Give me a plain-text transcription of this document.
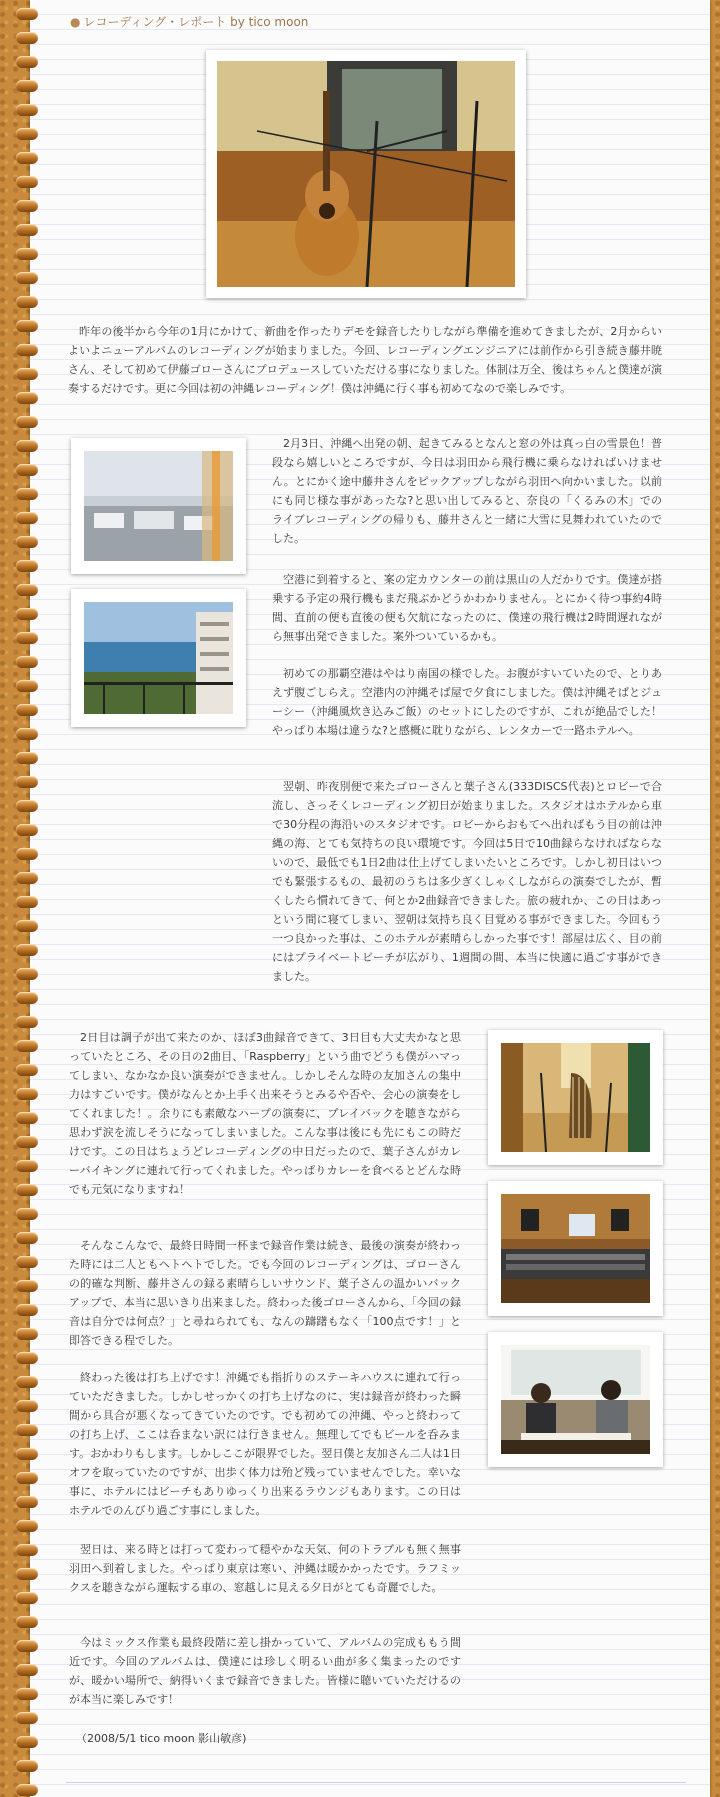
● レコーディング・レポート by tico moon
昨年の後半から今年の1月にかけて、新曲を作ったりデモを録音したりしながら準備を進めてきましたが、2月からいよいよニューアルバムのレコーディングが始まりました。今回、レコーディングエンジニアには前作から引き続き藤井暁さん、そして初めて伊藤ゴローさんにプロデュースしていただける事になりました。体制は万全、後はちゃんと僕達が演奏するだけです。更に今回は初の沖縄レコーディング！僕は沖縄に行く事も初めてなので楽しみです。
2月3日、沖縄へ出発の朝、起きてみるとなんと窓の外は真っ白の雪景色！普段なら嬉しいところですが、今日は羽田から飛行機に乗らなければいけません。とにかく途中藤井さんをピックアップしながら羽田へ向かいました。以前にも同じ様な事があったな?と思い出してみると、奈良の「くるみの木」でのライブレコーディングの帰りも、藤井さんと一緒に大雪に見舞われていたのでした。
空港に到着すると、案の定カウンターの前は黒山の人だかりです。僕達が搭乗する予定の飛行機もまだ飛ぶかどうかわかりません。とにかく待つ事約4時間、直前の便も直後の便も欠航になったのに、僕達の飛行機は2時間遅れながら無事出発できました。案外ついているかも。
初めての那覇空港はやはり南国の様でした。お腹がすいていたので、とりあえず腹ごしらえ。空港内の沖縄そば屋で夕食にしました。僕は沖縄そばとジューシー（沖縄風炊き込みご飯）のセットにしたのですが、これが絶品でした！やっぱり本場は違うな?と感概に耽りながら、レンタカーで一路ホテルへ。
翌朝、昨夜別便で来たゴローさんと葉子さん(333DISCS代表)とロビーで合流し、さっそくレコーディング初日が始まりました。スタジオはホテルから車で30分程の海沿いのスタジオです。ロビーからおもてへ出ればもう目の前は沖縄の海、とても気持ちの良い環境です。今回は5日で10曲録らなければならないので、最低でも1日2曲は仕上げてしまいたいところです。しかし初日はいつでも緊張するもの、最初のうちは多少ぎくしゃくしながらの演奏でしたが、暫くしたら慣れてきて、何とか2曲録音できました。旅の疲れか、この日はあっという間に寝てしまい、翌朝は気持ち良く目覚める事ができました。今回もう一つ良かった事は、このホテルが素晴らしかった事です！部屋は広く、目の前にはプライベートビーチが広がり、1週間の間、本当に快適に過ごす事ができました。
2日目は調子が出て来たのか、ほぼ3曲録音できて、3日目も大丈夫かなと思っていたところ、その日の2曲目、「Raspberry」という曲でどうも僕がハマってしまい、なかなか良い演奏ができません。しかしそんな時の友加さんの集中力はすごいです。僕がなんとか上手く出来そうとみるや否や、会心の演奏をしてくれました！。余りにも素敵なハープの演奏に、プレイバックを聴きながら思わず涙を流しそうになってしまいました。こんな事は後にも先にもこの時だけです。この日はちょうどレコーディングの中日だったので、葉子さんがカレーバイキングに連れて行ってくれました。やっぱりカレーを食べるとどんな時でも元気になりますね！
そんなこんなで、最終日時間一杯まで録音作業は続き、最後の演奏が終わった時には二人ともヘトヘトでした。でも今回のレコーディングは、ゴローさんの的確な判断、藤井さんの録る素晴らしいサウンド、葉子さんの温かいバックアップで、本当に思いきり出来ました。終わった後ゴローさんから、「今回の録音は自分では何点？」と尋ねられても、なんの躊躇もなく「100点です！」と即答できる程でした。
終わった後は打ち上げです！沖縄でも指折りのステーキハウスに連れて行っていただきました。しかしせっかくの打ち上げなのに、実は録音が終わった瞬間から具合が悪くなってきていたのです。でも初めての沖縄、やっと終わっての打ち上げ、ここは呑まない訳には行きません。無理してでもビールを呑みます。おかわりもします。しかしここが限界でした。翌日僕と友加さん二人は1日オフを取っていたのですが、出歩く体力は殆ど残っていませんでした。幸いな事に、ホテルにはビーチもありゆっくり出来るラウンジもあります。この日はホテルでのんびり過ごす事にしました。
翌日は、来る時とは打って変わって穏やかな天気、何のトラブルも無く無事羽田へ到着しました。やっぱり東京は寒い、沖縄は暖かかったです。ラフミックスを聴きながら運転する車の、窓越しに見える夕日がとても奇麗でした。
今はミックス作業も最終段階に差し掛かっていて、アルバムの完成ももう間近です。今回のアルバムは、僕達には珍しく明るい曲が多く集まったのですが、暖かい場所で、納得いくまで録音できました。皆様に聴いていただけるのが本当に楽しみです！
（2008/5/1 tico moon 影山敏彦)
